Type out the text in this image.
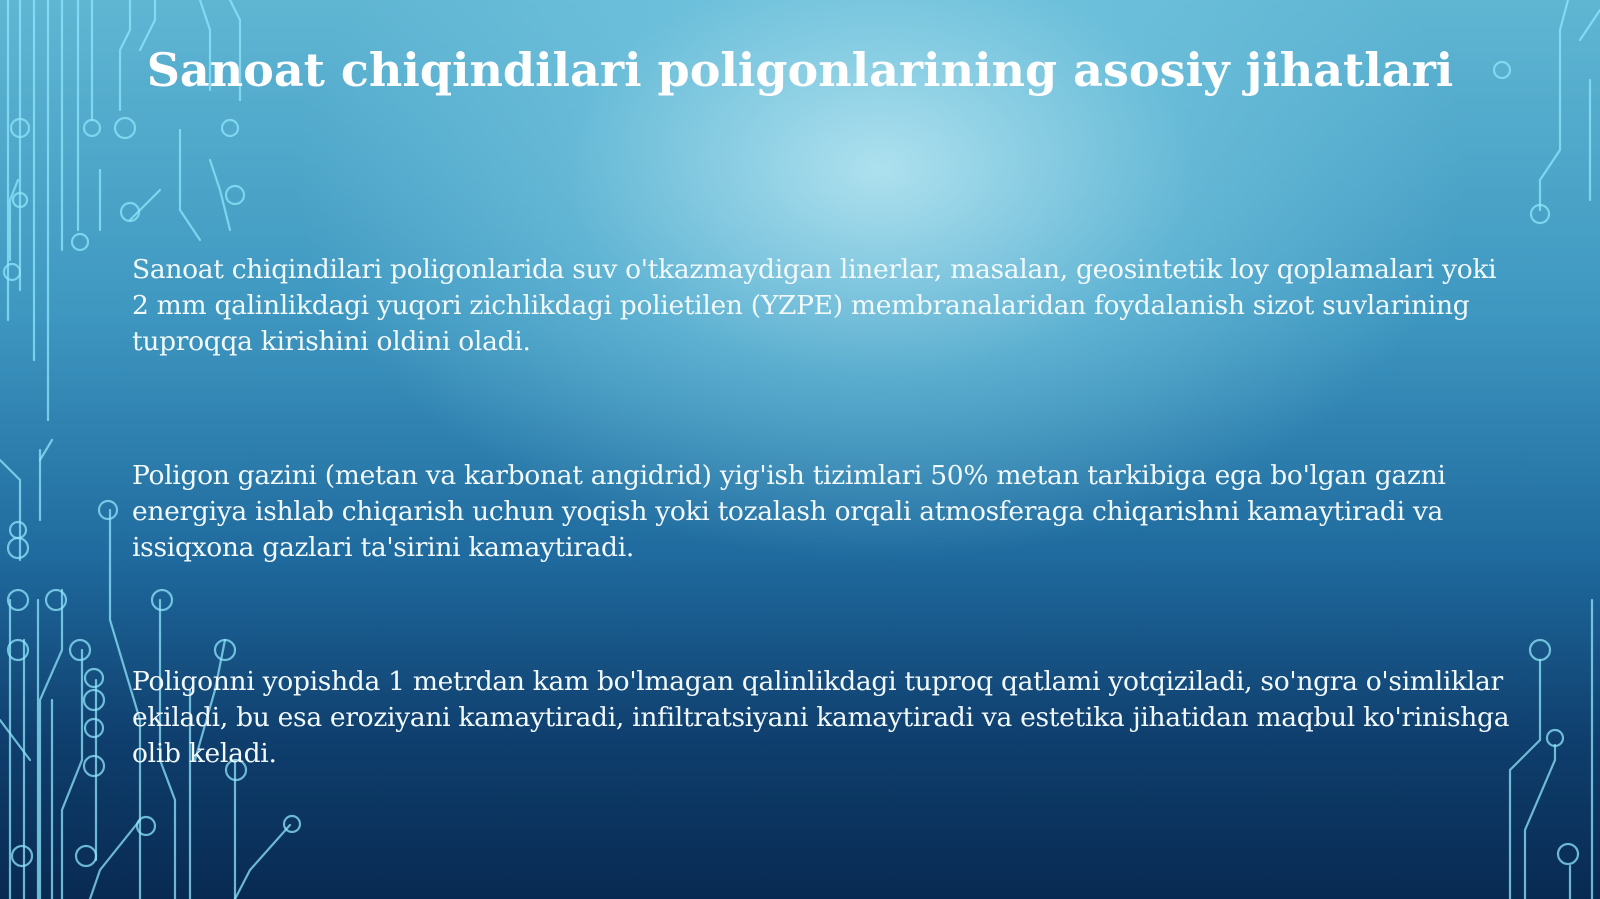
Sanoat chiqindilari poligonlarining asosiy jihatlari

Sanoat chiqindilari poligonlarida suv o'tkazmaydigan linerlar, masalan, geosintetik loy qoplamalari yoki 2 mm qalinlikdagi yuqori zichlikdagi polietilen (YZPE) membranalaridan foydalanish sizot suvlarining tuproqqa kirishini oldini oladi.

Poligon gazini (metan va karbonat angidrid) yig'ish tizimlari 50% metan tarkibiga ega bo'lgan gazni energiya ishlab chiqarish uchun yoqish yoki tozalash orqali atmosferaga chiqarishni kamaytiradi va issiqxona gazlari ta'sirini kamaytiradi.

Poligonni yopishda 1 metrdan kam bo'lmagan qalinlikdagi tuproq qatlami yotqiziladi, so'ngra o'simliklar ekiladi, bu esa eroziyani kamaytiradi, infiltratsiyani kamaytiradi va estetika jihatidan maqbul ko'rinishga olib keladi.
